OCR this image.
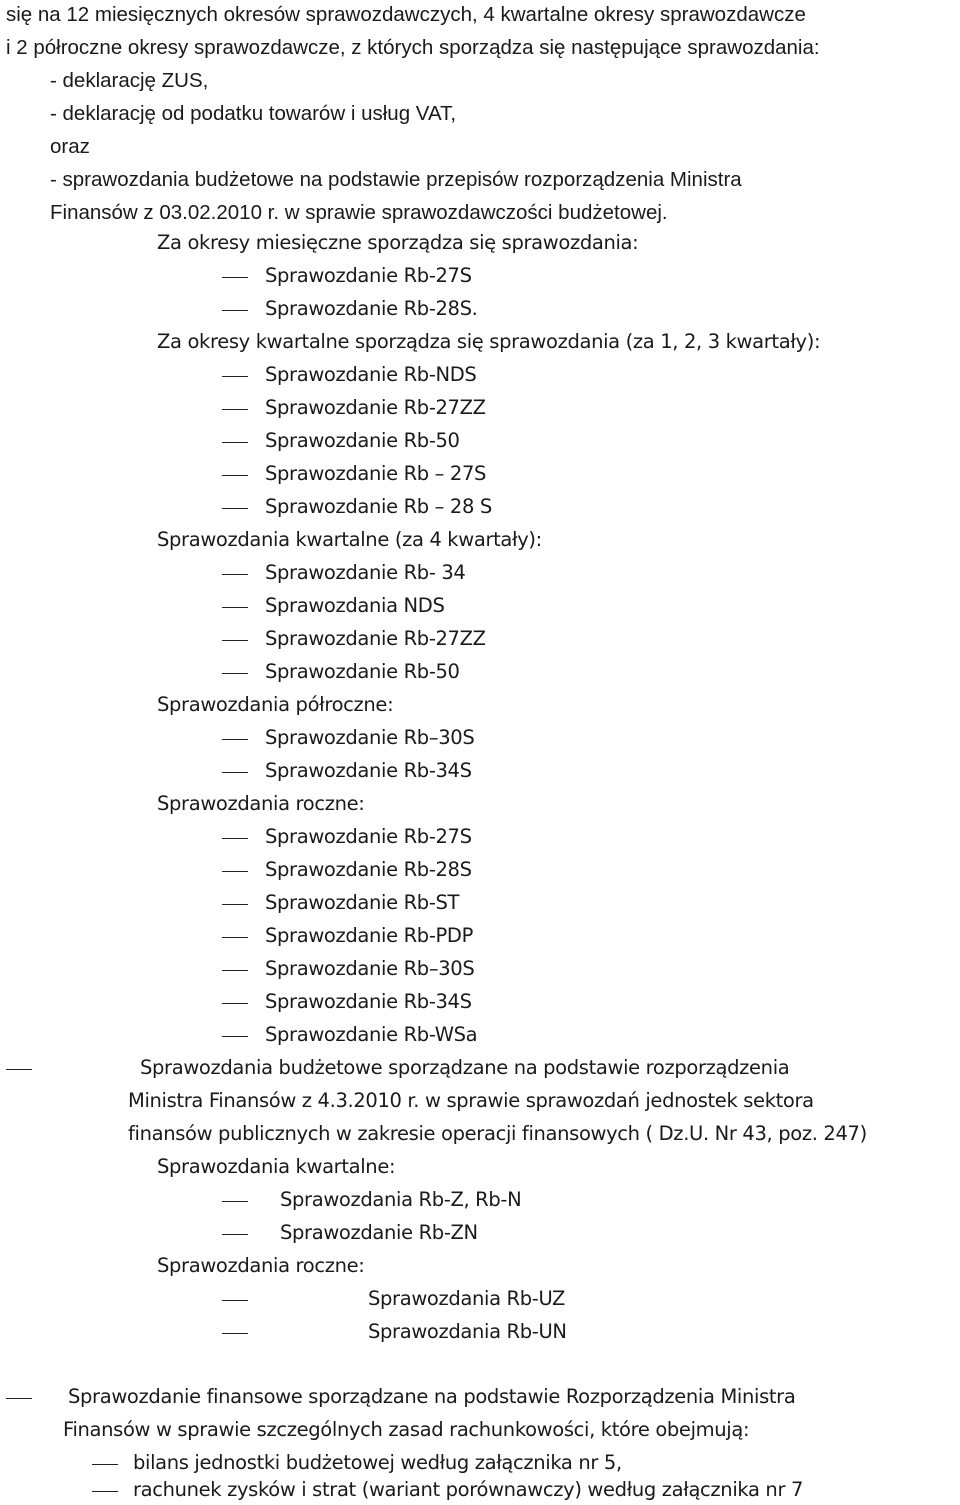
się na 12 miesięcznych okresów sprawozdawczych, 4 kwartalne okresy sprawozdawcze
i 2 półroczne okresy sprawozdawcze, z których sporządza się następujące sprawozdania:
- deklarację ZUS,
- deklarację od podatku towarów i usług VAT,
oraz
- sprawozdania budżetowe na podstawie przepisów rozporządzenia Ministra
Finansów z 03.02.2010 r. w sprawie sprawozdawczości budżetowej.
Za okresy miesięczne sporządza się sprawozdania:
Sprawozdanie Rb-27S
Sprawozdanie Rb-28S.
Za okresy kwartalne sporządza się sprawozdania (za 1, 2, 3 kwartały):
Sprawozdanie Rb-NDS
Sprawozdanie Rb-27ZZ
Sprawozdanie Rb-50
Sprawozdanie Rb – 27S
Sprawozdanie Rb – 28 S
Sprawozdania kwartalne (za 4 kwartały):
Sprawozdanie Rb- 34
Sprawozdania NDS
Sprawozdanie Rb-27ZZ
Sprawozdanie Rb-50
Sprawozdania półroczne:
Sprawozdanie Rb–30S
Sprawozdanie Rb-34S
Sprawozdania roczne:
Sprawozdanie Rb-27S
Sprawozdanie Rb-28S
Sprawozdanie Rb-ST
Sprawozdanie Rb-PDP
Sprawozdanie Rb–30S
Sprawozdanie Rb-34S
Sprawozdanie Rb-WSa
Sprawozdania budżetowe sporządzane na podstawie rozporządzenia
Ministra Finansów z 4.3.2010 r. w sprawie sprawozdań jednostek sektora
finansów publicznych w zakresie operacji finansowych ( Dz.U. Nr 43, poz. 247)
Sprawozdania kwartalne:
Sprawozdania Rb-Z, Rb-N
Sprawozdanie Rb-ZN
Sprawozdania roczne:
Sprawozdania Rb-UZ
Sprawozdania Rb-UN
Sprawozdanie finansowe sporządzane na podstawie Rozporządzenia Ministra
Finansów w sprawie szczególnych zasad rachunkowości, które obejmują:
bilans jednostki budżetowej według załącznika nr 5,
rachunek zysków i strat (wariant porównawczy) według załącznika nr 7
